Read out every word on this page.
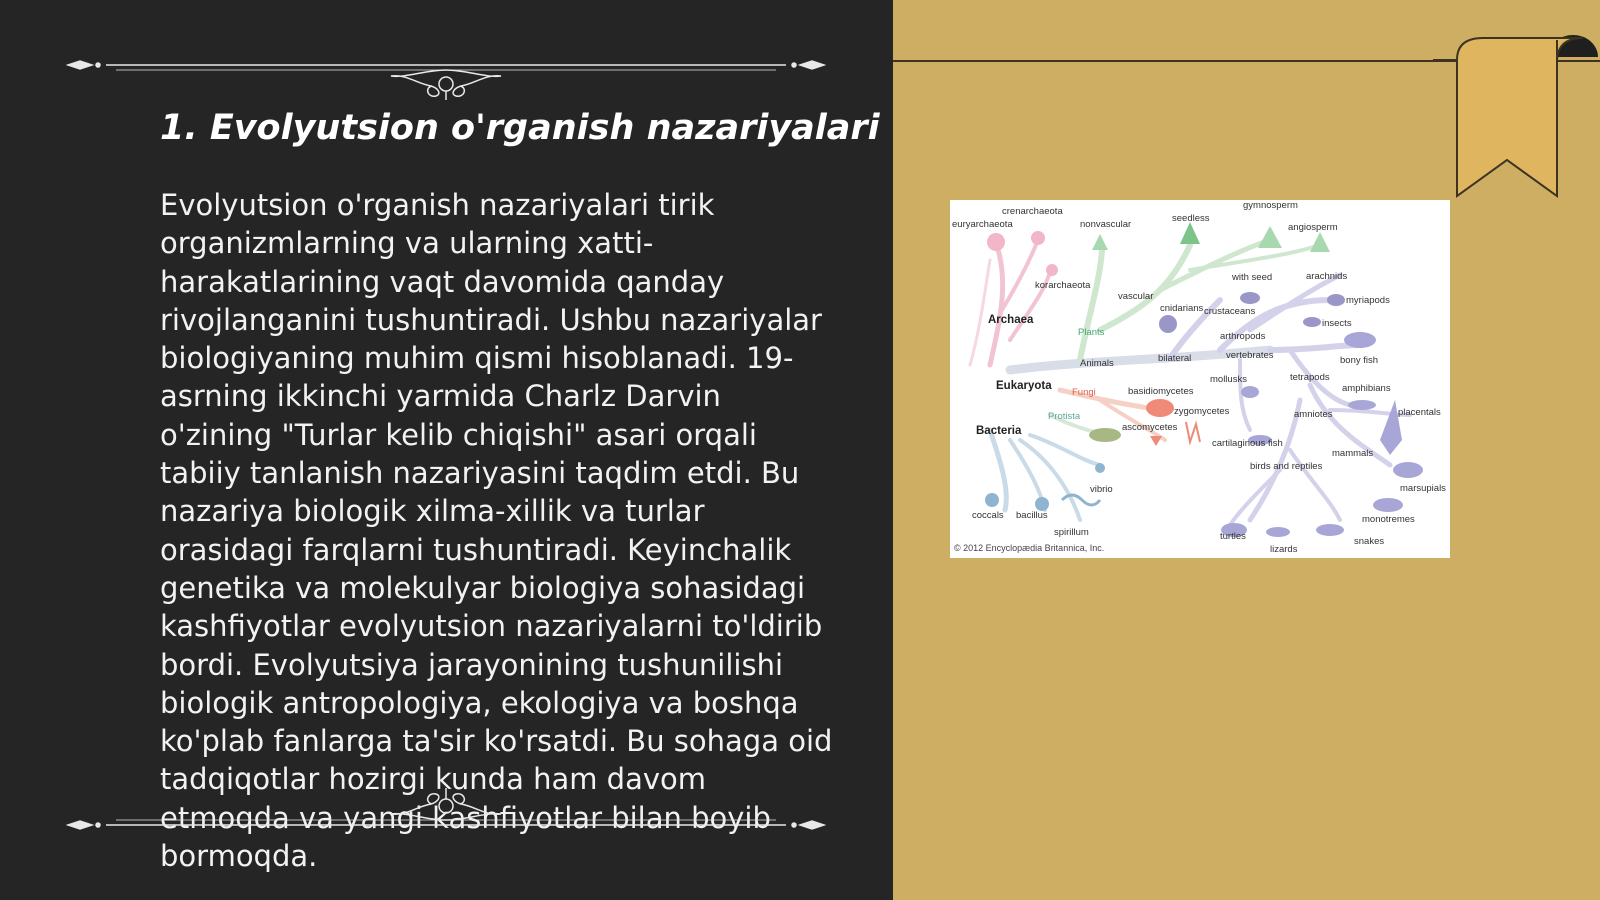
1. Evolyutsion o'rganish nazariyalari

Evolyutsion o'rganish nazariyalari tirik organizmlarning va ularning xatti-harakatlarining vaqt davomida qanday rivojlanganini tushuntiradi. Ushbu nazariyalar biologiyaning muhim qismi hisoblanadi. 19-asrning ikkinchi yarmida Charlz Darvin o'zining "Turlar kelib chiqishi" asari orqali tabiiy tanlanish nazariyasini taqdim etdi. Bu nazariya biologik xilma-xillik va turlar orasidagi farqlarni tushuntiradi. Keyinchalik genetika va molekulyar biologiya sohasidagi kashfiyotlar evolyutsion nazariyalarni to'ldirib bordi. Evolyutsiya jarayonining tushunilishi biologik antropologiya, ekologiya va boshqa ko'plab fanlarga ta'sir ko'rsatdi. Bu sohaga oid tadqiqotlar hozirgi kunda ham davom etmoqda va yangi kashfiyotlar bilan boyib bormoqda.

crenarchaeota
euryarchaeota	nonvascular
seedless
gymnosperm
angiosperm
with seed	arachnids
korarchaeota
vascular	myriapods
cnidarians crustaceans
Archaea	insects
Plants	arthropods
vertebrates
bilateral
Animals	bony fish
mollusks	tetrapods
Eukaryota	amphibians
Fungi	basidiomycetes
zygomycetes	amniotes	placentals
Protista
ascomycetes
Bacteria
cartilaginous fish
mammals
birds and reptiles
marsupials
vibrio
coccals bacillus	monotremes
spirillum	turtles	snakes
lizards
© 2012 Encyclopædia Britannica, Inc.
